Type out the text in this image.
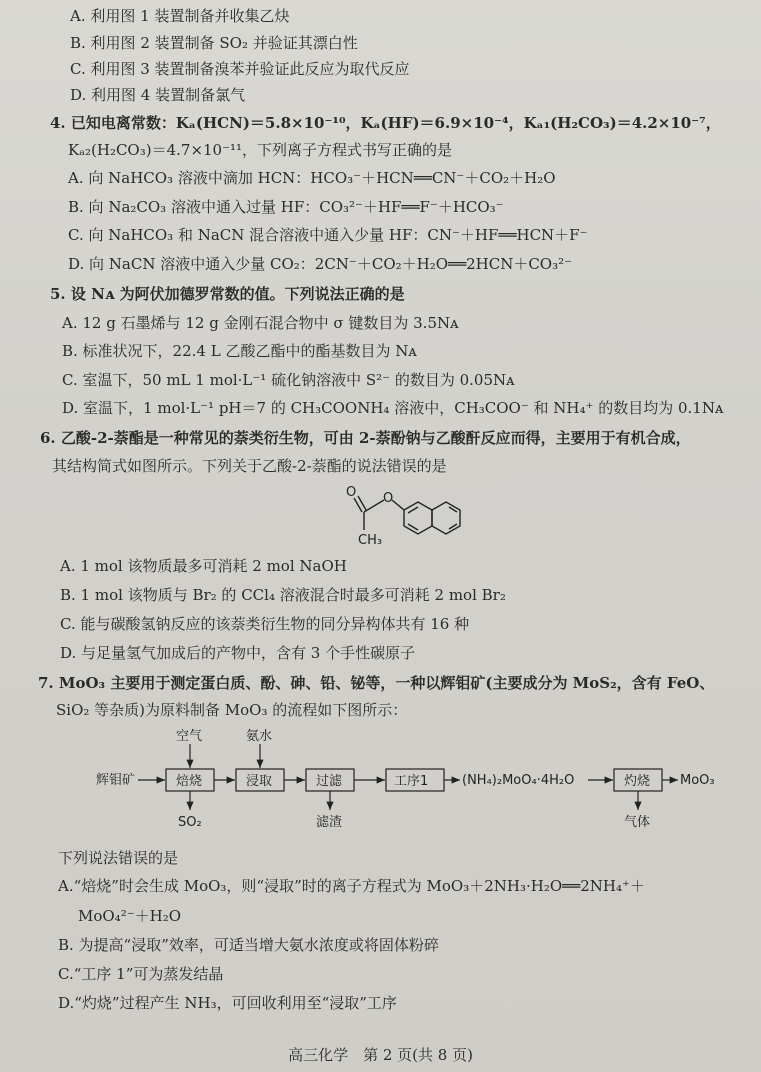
A. 利用图 1 装置制备并收集乙炔
B. 利用图 2 装置制备 SO₂ 并验证其漂白性
C. 利用图 3 装置制备溴苯并验证此反应为取代反应
D. 利用图 4 装置制备氯气
4. 已知电离常数：Kₐ(HCN)＝5.8×10⁻¹⁰，Kₐ(HF)＝6.9×10⁻⁴，Kₐ₁(H₂CO₃)＝4.2×10⁻⁷，
Kₐ₂(H₂CO₃)＝4.7×10⁻¹¹，下列离子方程式书写正确的是
A. 向 NaHCO₃ 溶液中滴加 HCN：HCO₃⁻＋HCN══CN⁻＋CO₂＋H₂O
B. 向 Na₂CO₃ 溶液中通入过量 HF：CO₃²⁻＋HF══F⁻＋HCO₃⁻
C. 向 NaHCO₃ 和 NaCN 混合溶液中通入少量 HF：CN⁻＋HF══HCN＋F⁻
D. 向 NaCN 溶液中通入少量 CO₂：2CN⁻＋CO₂＋H₂O══2HCN＋CO₃²⁻
5. 设 Nᴀ 为阿伏加德罗常数的值。下列说法正确的是
A. 12 g 石墨烯与 12 g 金刚石混合物中 σ 键数目为 3.5Nᴀ
B. 标准状况下，22.4 L 乙酸乙酯中的酯基数目为 Nᴀ
C. 室温下，50 mL 1 mol·L⁻¹ 硫化钠溶液中 S²⁻ 的数目为 0.05Nᴀ
D. 室温下，1 mol·L⁻¹ pH＝7 的 CH₃COONH₄ 溶液中，CH₃COO⁻ 和 NH₄⁺ 的数目均为 0.1Nᴀ
6. 乙酸-2-萘酯是一种常见的萘类衍生物，可由 2-萘酚钠与乙酸酐反应而得，主要用于有机合成，
其结构简式如图所示。下列关于乙酸-2-萘酯的说法错误的是
O O
CH₃
A. 1 mol 该物质最多可消耗 2 mol NaOH
B. 1 mol 该物质与 Br₂ 的 CCl₄ 溶液混合时最多可消耗 2 mol Br₂
C. 能与碳酸氢钠反应的该萘类衍生物的同分异构体共有 16 种
D. 与足量氢气加成后的产物中，含有 3 个手性碳原子
7. MoO₃ 主要用于测定蛋白质、酚、砷、铅、铋等，一种以辉钼矿(主要成分为 MoS₂，含有 FeO、
SiO₂ 等杂质)为原料制备 MoO₃ 的流程如下图所示：
辉钼矿	焙烧	浸取	过滤	工序1	(NH₄)₂MoO₄·4H₂O	灼烧 MoO₃
空气	氨水
SO₂	滤渣	气体
下列说法错误的是
A.“焙烧”时会生成 MoO₃，则“浸取”时的离子方程式为 MoO₃＋2NH₃·H₂O══2NH₄⁺＋
MoO₄²⁻＋H₂O
B. 为提高“浸取”效率，可适当增大氨水浓度或将固体粉碎
C.“工序 1”可为蒸发结晶
D.“灼烧”过程产生 NH₃，可回收利用至“浸取”工序
高三化学　第 2 页(共 8 页)
